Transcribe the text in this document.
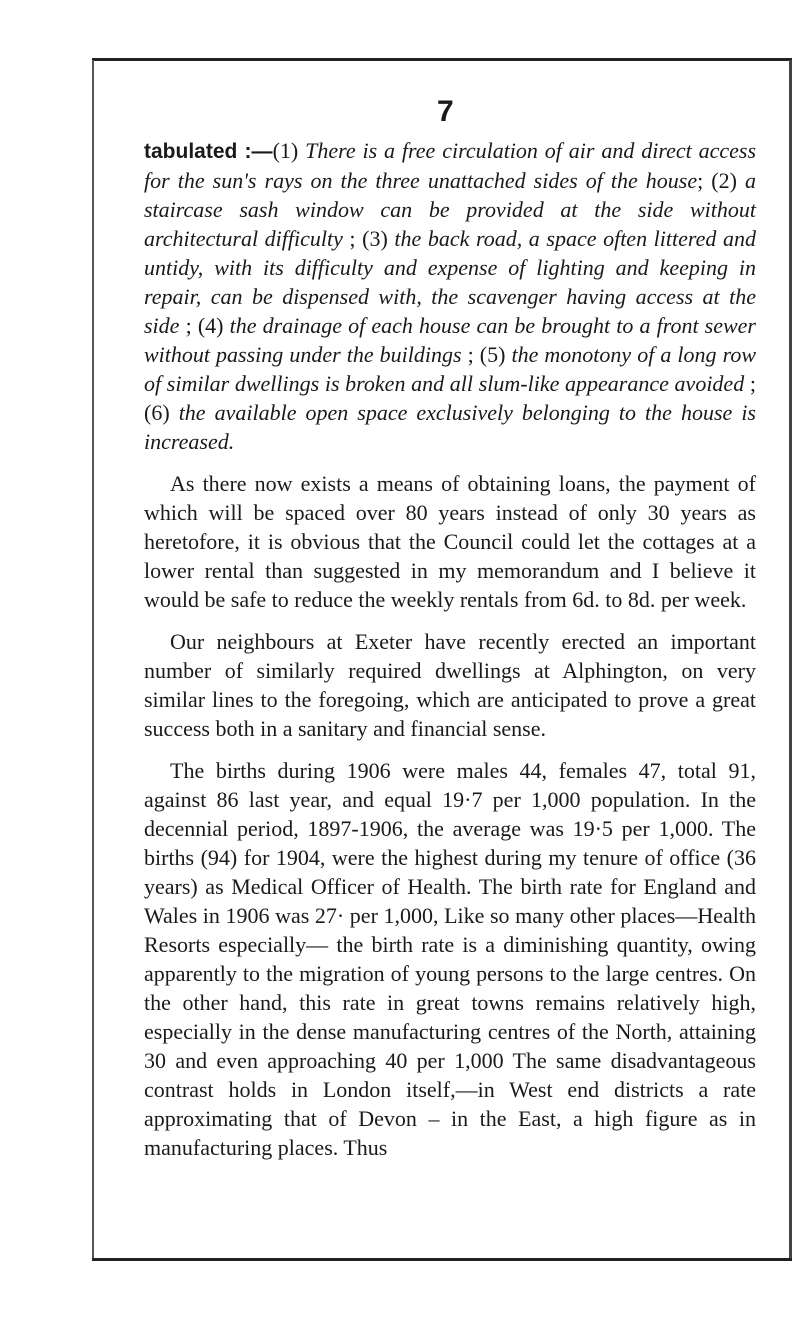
7

tabulated :—(1) There is a free circulation of air and direct access for the sun's rays on the three unattached sides of the house; (2) a staircase sash window can be provided at the side without architectural difficulty ; (3) the back road, a space often littered and untidy, with its difficulty and expense of lighting and keeping in repair, can be dispensed with, the scavenger having access at the side ; (4) the drainage of each house can be brought to a front sewer without passing under the buildings ; (5) the monotony of a long row of similar dwellings is broken and all slum-like appearance avoided ; (6) the available open space exclusively belonging to the house is increased.

As there now exists a means of obtaining loans, the payment of which will be spaced over 80 years instead of only 30 years as heretofore, it is obvious that the Council could let the cottages at a lower rental than suggested in my memorandum and I believe it would be safe to reduce the weekly rentals from 6d. to 8d. per week.

Our neighbours at Exeter have recently erected an important number of similarly required dwellings at Alphington, on very similar lines to the foregoing, which are anticipated to prove a great success both in a sanitary and financial sense.

The births during 1906 were males 44, females 47, total 91, against 86 last year, and equal 19·7 per 1,000 population. In the decennial period, 1897-1906, the average was 19·5 per 1,000. The births (94) for 1904, were the highest during my tenure of office (36 years) as Medical Officer of Health. The birth rate for England and Wales in 1906 was 27· per 1,000, Like so many other places—Health Resorts especially— the birth rate is a diminishing quantity, owing apparently to the migration of young persons to the large centres. On the other hand, this rate in great towns remains relatively high, especially in the dense manufacturing centres of the North, attaining 30 and even approaching 40 per 1,000 The same disadvantageous contrast holds in London itself,—in West end districts a rate approximating that of Devon – in the East, a high figure as in manufacturing places. Thus
